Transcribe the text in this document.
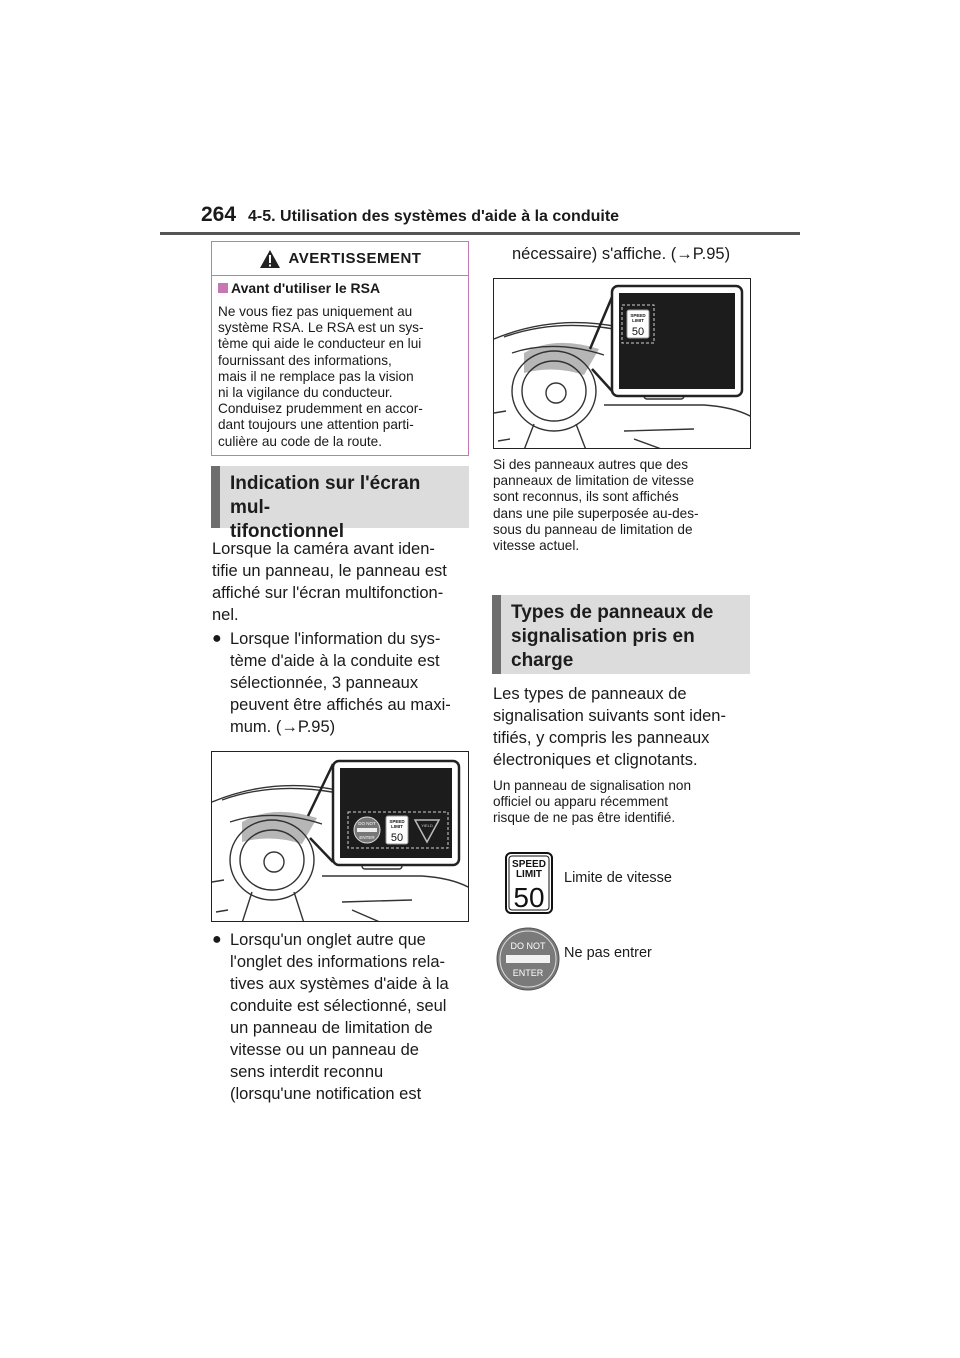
264 4-5. Utilisation des systèmes d'aide à la conduite
AVERTISSEMENT
Avant d'utiliser le RSA
Ne vous fiez pas uniquement au
système RSA. Le RSA est un sys-
tème qui aide le conducteur en lui
fournissant des informations,
mais il ne remplace pas la vision
ni la vigilance du conducteur.
Conduisez prudemment en accor-
dant toujours une attention parti-
culière au code de la route.
Indication sur l'écran mul-
tifonctionnel
Lorsque la caméra avant iden-
tifie un panneau, le panneau est
affiché sur l'écran multifonction-
nel.
● Lorsque l'information du sys-
tème d'aide à la conduite est
sélectionnée, 3 panneaux
peuvent être affichés au maxi-
mum. (→P.95)
DO NOT
ENTER
SPEED
LIMIT
50
YIELD
● Lorsqu'un onglet autre que
l'onglet des informations rela-
tives aux systèmes d'aide à la
conduite est sélectionné, seul
un panneau de limitation de
vitesse ou un panneau de
sens interdit reconnu
(lorsqu'une notification est
nécessaire) s'affiche. (→P.95)
SPEED
LIMIT
50
Si des panneaux autres que des
panneaux de limitation de vitesse
sont reconnus, ils sont affichés
dans une pile superposée au-des-
sous du panneau de limitation de
vitesse actuel.
Types de panneaux de
signalisation pris en
charge
Les types de panneaux de
signalisation suivants sont iden-
tifiés, y compris les panneaux
électroniques et clignotants.
Un panneau de signalisation non
officiel ou apparu récemment
risque de ne pas être identifié.
SPEED
LIMIT
50
Limite de vitesse
DO NOT
ENTER
Ne pas entrer
